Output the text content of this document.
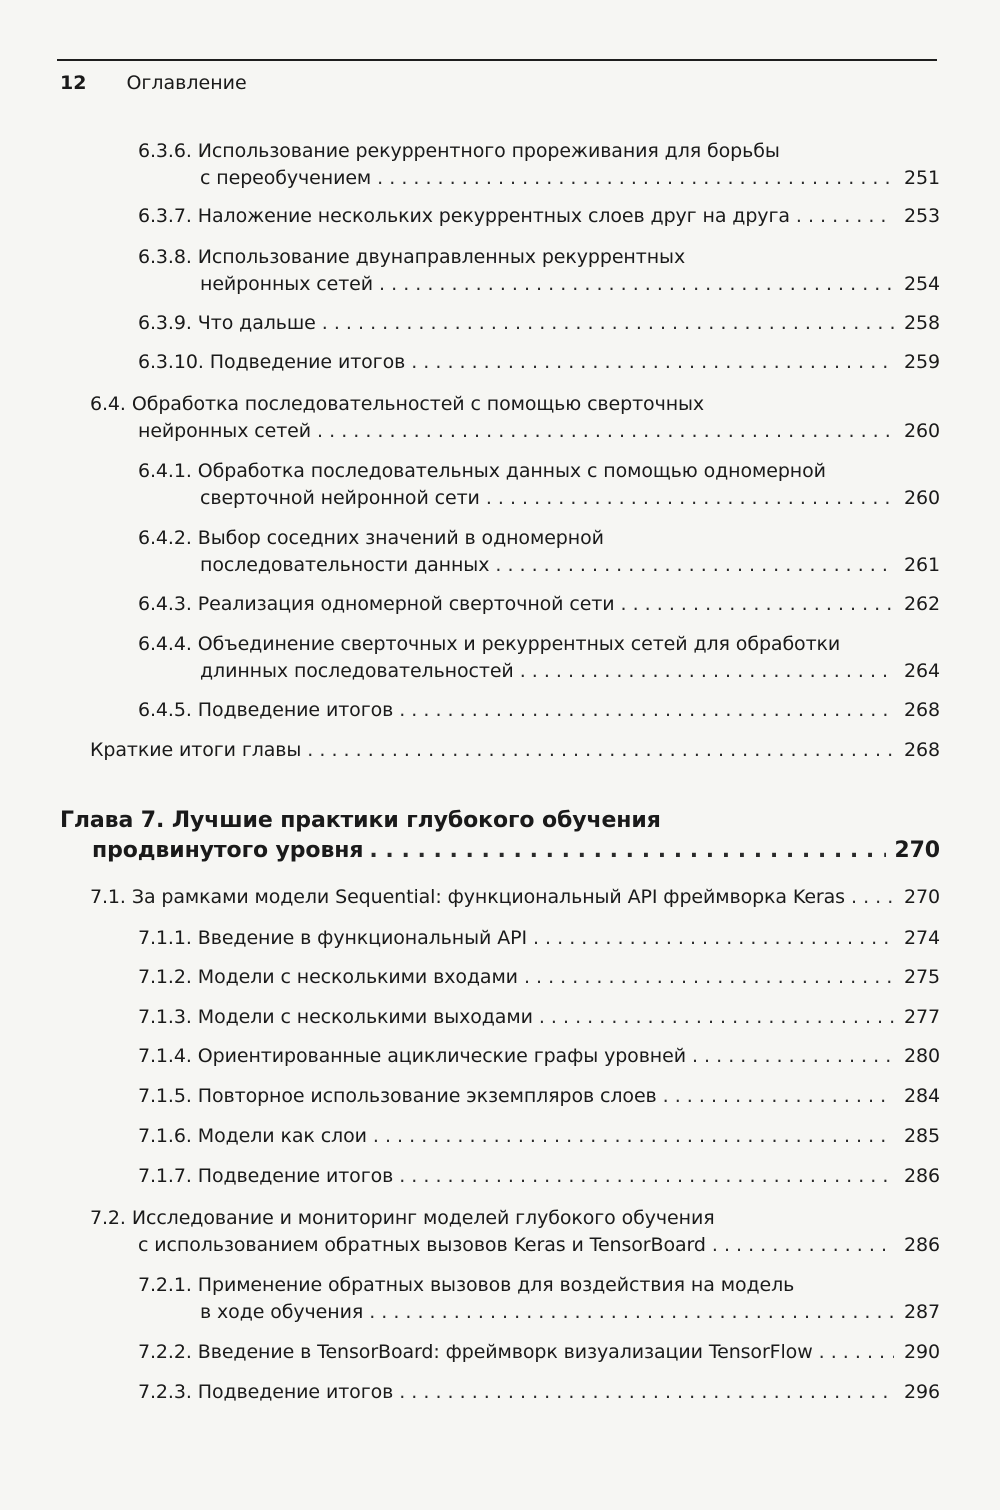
12 Оглавление
6.3.6. Использование рекуррентного прореживания для борьбы
с переобучением . . .	251
6.3.7. Наложение нескольких рекуррентных слоев друг на друга . . .	253
6.3.8. Использование двунаправленных рекуррентных
нейронных сетей . . .	254
6.3.9. Что дальше . . .	258
6.3.10. Подведение итогов . . .	259
6.4. Обработка последовательностей с помощью сверточных
нейронных сетей . . .	260
6.4.1. Обработка последовательных данных с помощью одномерной
сверточной нейронной сети . . .	260
6.4.2. Выбор соседних значений в одномерной
последовательности данных . . .	261
6.4.3. Реализация одномерной сверточной сети . . .	262
6.4.4. Объединение сверточных и рекуррентных сетей для обработки
длинных последовательностей . . .	264
6.4.5. Подведение итогов . . .	268
Краткие итоги главы . . .	268
Глава 7. Лучшие практики глубокого обучения
продвинутого уровня . . .	270
7.1. За рамками модели Sequential: функциональный API фреймворка Keras . . .	270
7.1.1. Введение в функциональный API . . .	274
7.1.2. Модели с несколькими входами . . .	275
7.1.3. Модели с несколькими выходами . . .	277
7.1.4. Ориентированные ациклические графы уровней . . .	280
7.1.5. Повторное использование экземпляров слоев . . .	284
7.1.6. Модели как слои . . .	285
7.1.7. Подведение итогов . . .	286
7.2. Исследование и мониторинг моделей глубокого обучения
с использованием обратных вызовов Keras и TensorBoard . . .	286
7.2.1. Применение обратных вызовов для воздействия на модель
в ходе обучения . . .	287
7.2.2. Введение в TensorBoard: фреймворк визуализации TensorFlow . . .	290
7.2.3. Подведение итогов . . .	296
